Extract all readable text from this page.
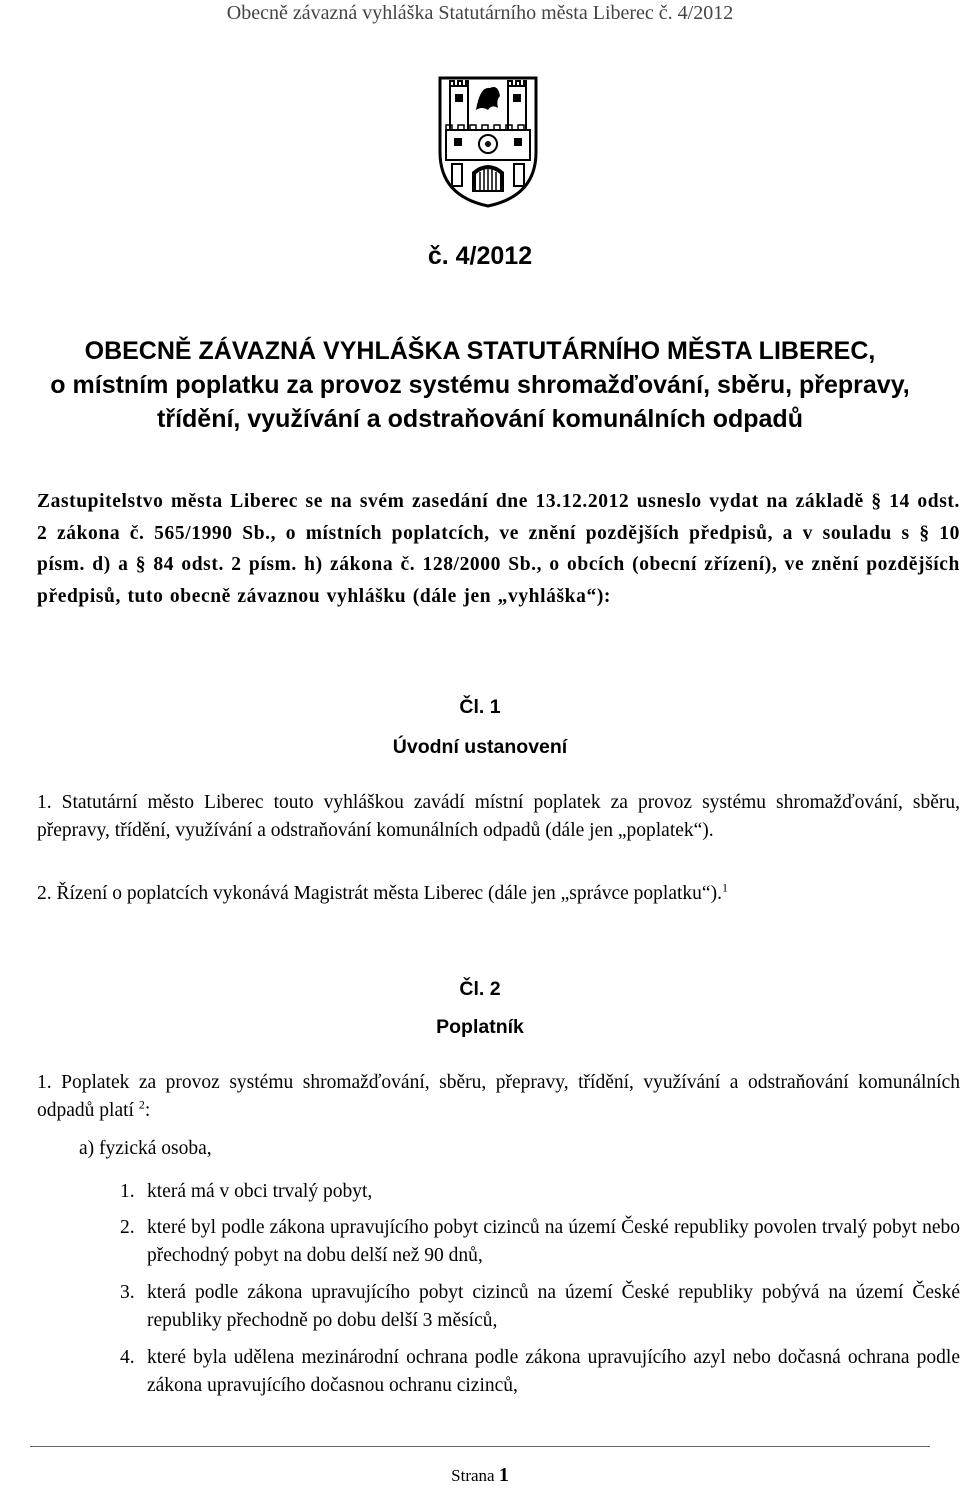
Obecně závazná vyhláška Statutárního města Liberec č. 4/2012
č. 4/2012
OBECNĚ ZÁVAZNÁ VYHLÁŠKA STATUTÁRNÍHO MĚSTA LIBEREC,
o místním poplatku za provoz systému shromažďování, sběru, přepravy,
třídění, využívání a odstraňování komunálních odpadů
Zastupitelstvo města Liberec se na svém zasedání dne 13.12.2012 usneslo vydat na základě § 14 odst. 2 zákona č. 565/1990 Sb., o místních poplatcích, ve znění pozdějších předpisů, a v souladu s § 10 písm. d) a § 84 odst. 2 písm. h) zákona č. 128/2000 Sb., o obcích (obecní zřízení), ve znění pozdějších předpisů, tuto obecně závaznou vyhlášku (dále jen „vyhláška“):
Čl. 1
Úvodní ustanovení
1. Statutární město Liberec touto vyhláškou zavádí místní poplatek za provoz systému shromažďování, sběru, přepravy, třídění, využívání a odstraňování komunálních odpadů (dále jen „poplatek“).
2. Řízení o poplatcích vykonává Magistrát města Liberec (dále jen „správce poplatku“).$^1$
Čl. 2
Poplatník
1. Poplatek za provoz systému shromažďování, sběru, přepravy, třídění, využívání a odstraňování komunálních odpadů platí $^2$:
a) fyzická osoba,
1. která má v obci trvalý pobyt,
2. které byl podle zákona upravujícího pobyt cizinců na území České republiky povolen trvalý pobyt nebo přechodný pobyt na dobu delší než 90 dnů,
3. která podle zákona upravujícího pobyt cizinců na území České republiky pobývá na území České republiky přechodně po dobu delší 3 měsíců,
4. které byla udělena mezinárodní ochrana podle zákona upravujícího azyl nebo dočasná ochrana podle zákona upravujícího dočasnou ochranu cizinců,
Strana 1
